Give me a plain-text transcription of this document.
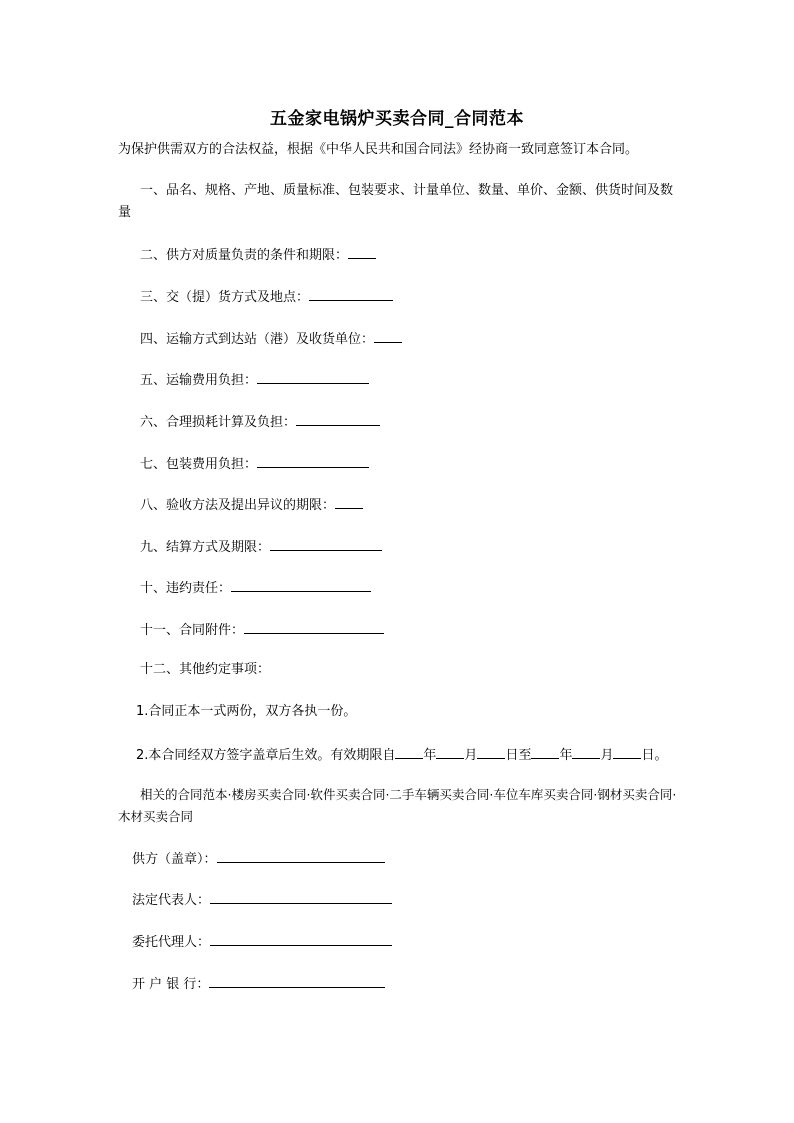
五金家电锅炉买卖合同_合同范本
为保护供需双方的合法权益，根据《中华人民共和国合同法》经协商一致同意签订本合同。
一、品名、规格、产地、质量标准、包装要求、计量单位、数量、单价、金额、供货时间及数量
二、供方对质量负责的条件和期限：
三、交（提）货方式及地点：
四、运输方式到达站（港）及收货单位：
五、运输费用负担：
六、合理损耗计算及负担：
七、包装费用负担：
八、验收方法及提出异议的期限：
九、结算方式及期限：
十、违约责任：
十一、合同附件：
十二、其他约定事项：
1.合同正本一式两份，双方各执一份。
2.本合同经双方签字盖章后生效。有效期限自 年 月 日至 年 月 日。
相关的合同范本·楼房买卖合同·软件买卖合同·二手车辆买卖合同·车位车库买卖合同·钢材买卖合同·木材买卖合同
供方（盖章）：
法定代表人：
委托代理人：
开 户 银 行：
